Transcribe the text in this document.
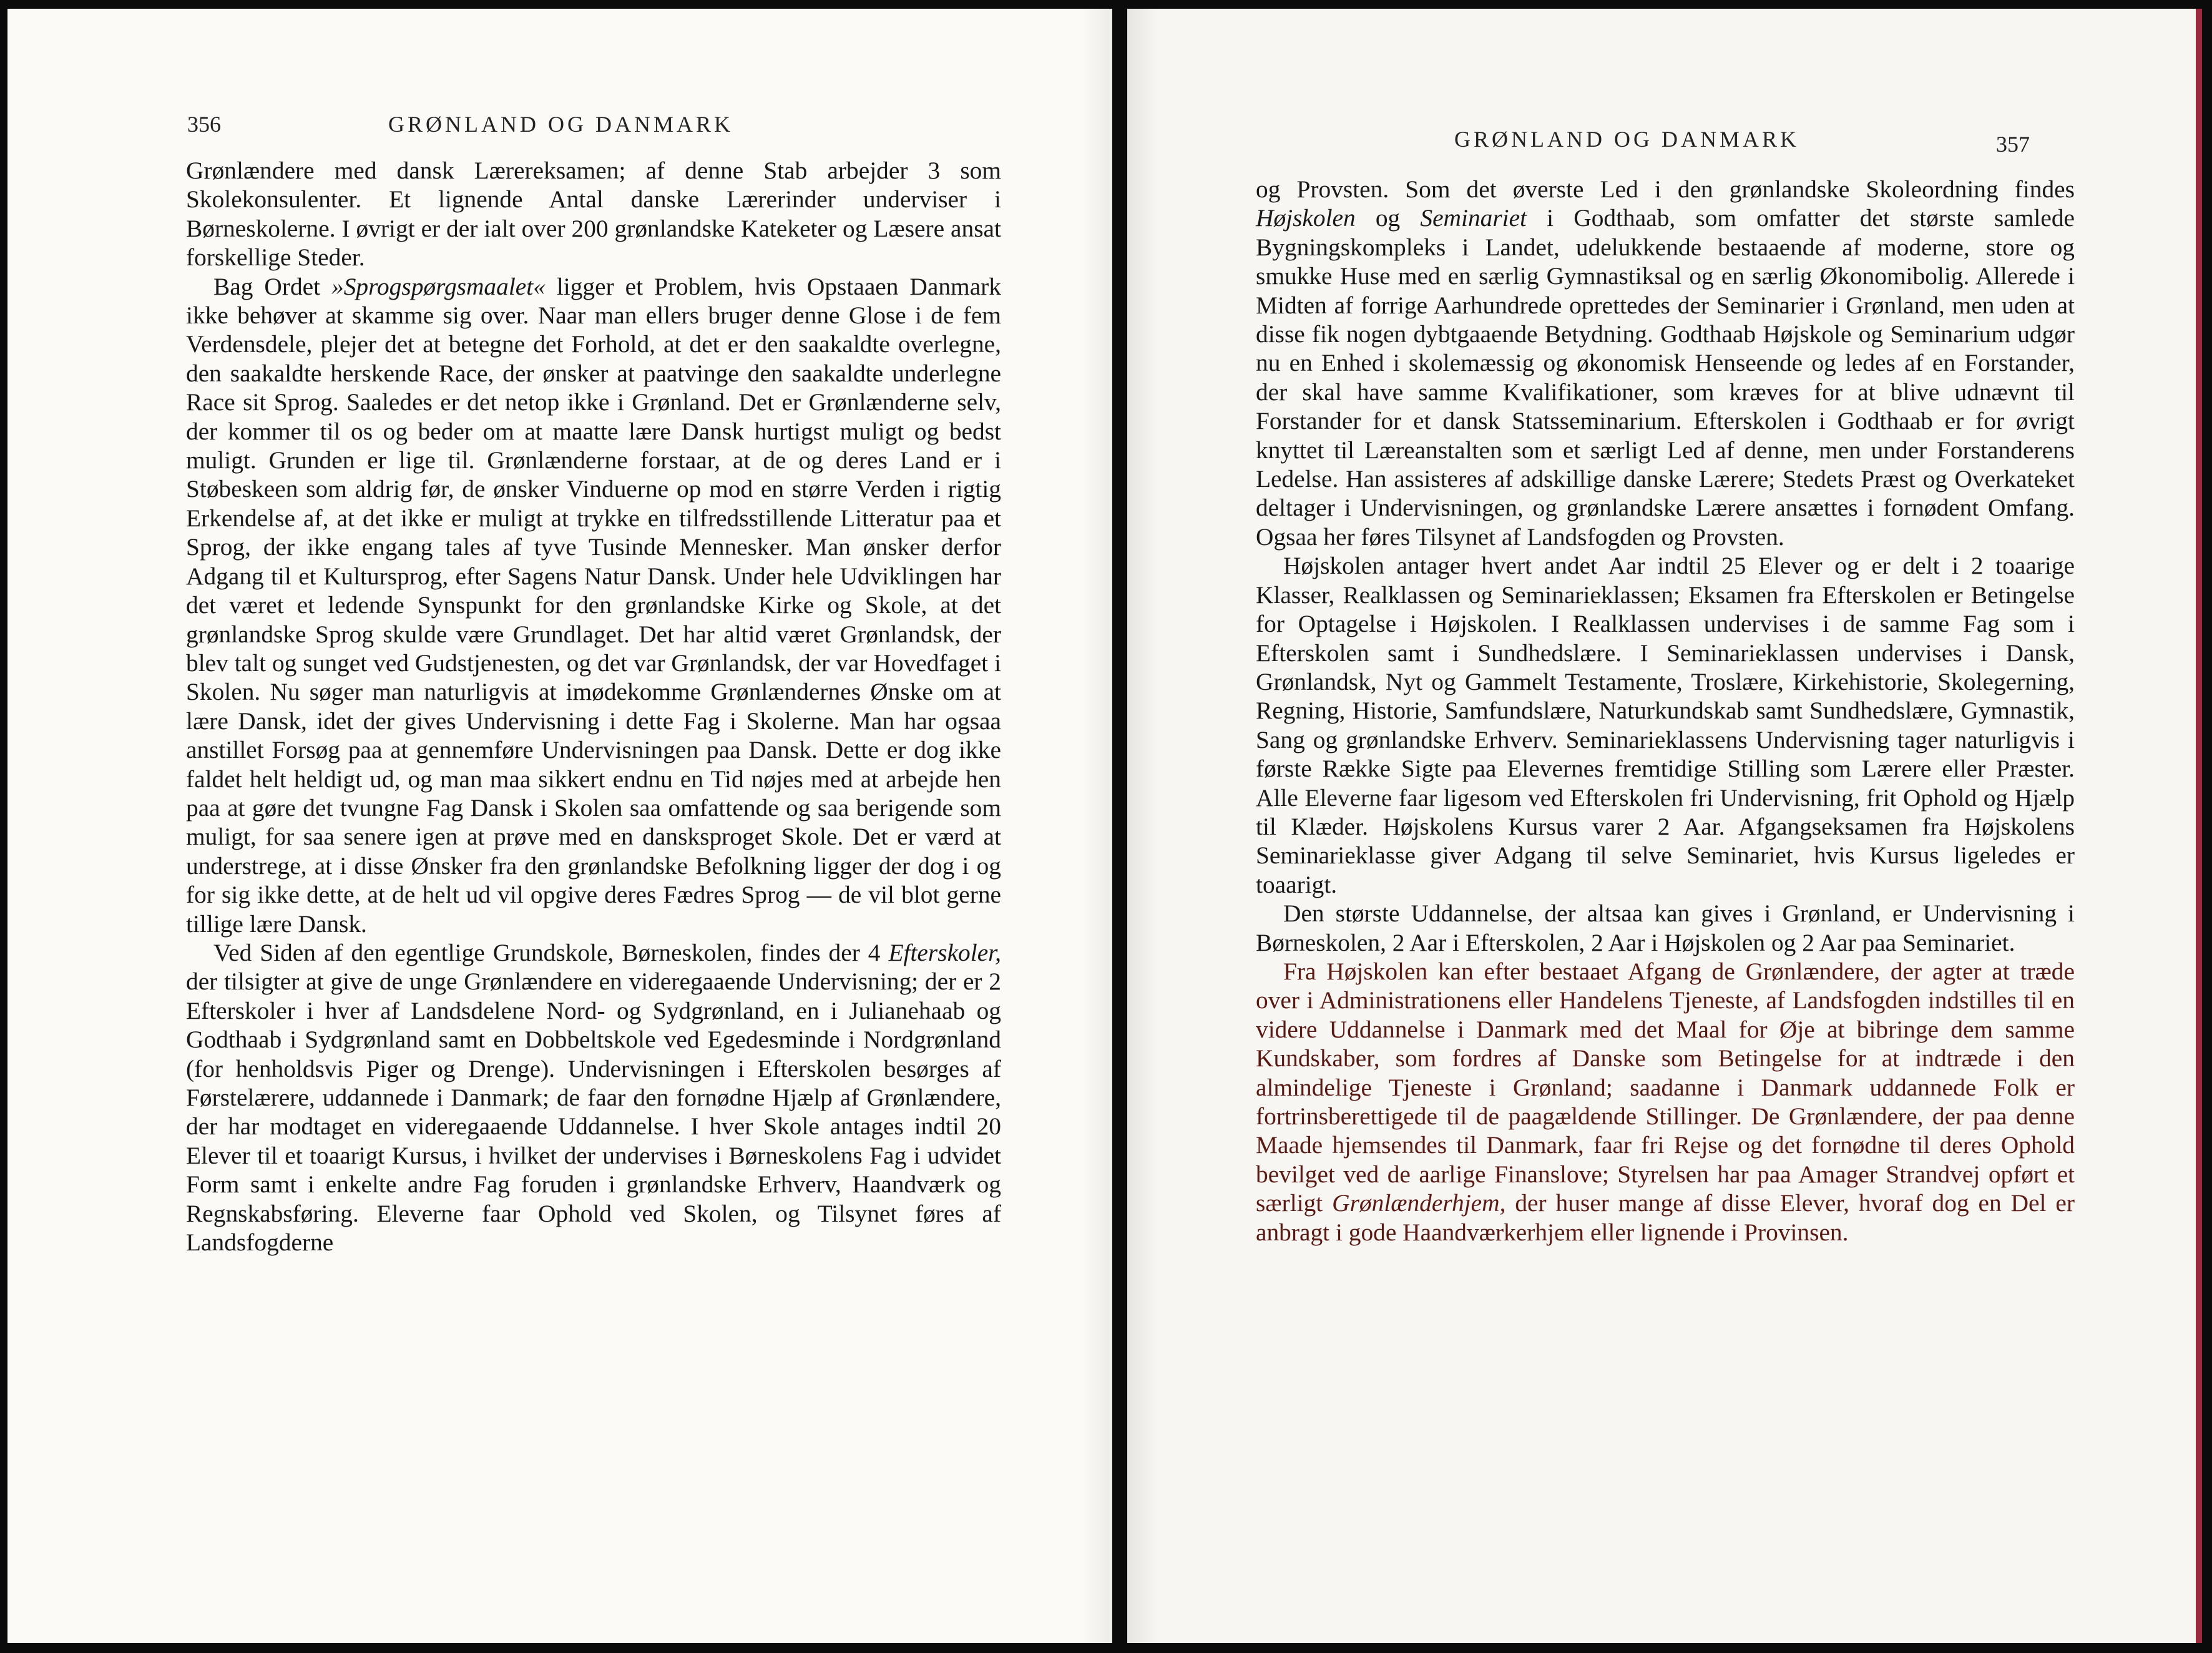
356	GRØNLAND OG DANMARK

Grønlændere med dansk Lærereksamen; af denne Stab arbejder 3 som Skolekonsulenter. Et lignende Antal danske Lærerinder underviser i Børneskolerne. I øvrigt er der ialt over 200 grønlandske Kateketer og Læsere ansat forskellige Steder.

Bag Ordet »Sprogspørgsmaalet« ligger et Problem, hvis Opstaaen Danmark ikke behøver at skamme sig over. Naar man ellers bruger denne Glose i de fem Verdensdele, plejer det at betegne det Forhold, at det er den saakaldte overlegne, den saakaldte herskende Race, der ønsker at paatvinge den saakaldte underlegne Race sit Sprog. Saaledes er det netop ikke i Grønland. Det er Grønlænderne selv, der kommer til os og beder om at maatte lære Dansk hurtigst muligt og bedst muligt. Grunden er lige til. Grønlænderne forstaar, at de og deres Land er i Støbeskeen som aldrig før, de ønsker Vinduerne op mod en større Verden i rigtig Erkendelse af, at det ikke er muligt at trykke en tilfredsstillende Litteratur paa et Sprog, der ikke engang tales af tyve Tusinde Mennesker. Man ønsker derfor Adgang til et Kultursprog, efter Sagens Natur Dansk. Under hele Udviklingen har det været et ledende Synspunkt for den grønlandske Kirke og Skole, at det grønlandske Sprog skulde være Grundlaget. Det har altid været Grønlandsk, der blev talt og sunget ved Gudstjenesten, og det var Grønlandsk, der var Hovedfaget i Skolen. Nu søger man naturligvis at imødekomme Grønlændernes Ønske om at lære Dansk, idet der gives Undervisning i dette Fag i Skolerne. Man har ogsaa anstillet Forsøg paa at gennemføre Undervisningen paa Dansk. Dette er dog ikke faldet helt heldigt ud, og man maa sikkert endnu en Tid nøjes med at arbejde hen paa at gøre det tvungne Fag Dansk i Skolen saa omfattende og saa berigende som muligt, for saa senere igen at prøve med en dansksproget Skole. Det er værd at understrege, at i disse Ønsker fra den grønlandske Befolkning ligger der dog i og for sig ikke dette, at de helt ud vil opgive deres Fædres Sprog — de vil blot gerne tillige lære Dansk.

Ved Siden af den egentlige Grundskole, Børneskolen, findes der 4 Efterskoler, der tilsigter at give de unge Grønlændere en videregaaende Undervisning; der er 2 Efterskoler i hver af Landsdelene Nord- og Sydgrønland, en i Julianehaab og Godthaab i Sydgrønland samt en Dobbeltskole ved Egedesminde i Nordgrønland (for henholdsvis Piger og Drenge). Undervisningen i Efterskolen besørges af Førstelærere, uddannede i Danmark; de faar den fornødne Hjælp af Grønlændere, der har modtaget en videregaaende Uddannelse. I hver Skole antages indtil 20 Elever til et toaarigt Kursus, i hvilket der undervises i Børneskolens Fag i udvidet Form samt i enkelte andre Fag foruden i grønlandske Erhverv, Haandværk og Regnskabsføring. Eleverne faar Ophold ved Skolen, og Tilsynet føres af Landsfogderne

GRØNLAND OG DANMARK	357

og Provsten. Som det øverste Led i den grønlandske Skoleordning findes Højskolen og Seminariet i Godthaab, som omfatter det største samlede Bygningskompleks i Landet, udelukkende bestaaende af moderne, store og smukke Huse med en særlig Gymnastiksal og en særlig Økonomibolig. Allerede i Midten af forrige Aarhundrede oprettedes der Seminarier i Grønland, men uden at disse fik nogen dybtgaaende Betydning. Godthaab Højskole og Seminarium udgør nu en Enhed i skolemæssig og økonomisk Henseende og ledes af en Forstander, der skal have samme Kvalifikationer, som kræves for at blive udnævnt til Forstander for et dansk Statsseminarium. Efterskolen i Godthaab er for øvrigt knyttet til Læreanstalten som et særligt Led af denne, men under Forstanderens Ledelse. Han assisteres af adskillige danske Lærere; Stedets Præst og Overkateket deltager i Undervisningen, og grønlandske Lærere ansættes i fornødent Omfang. Ogsaa her føres Tilsynet af Landsfogden og Provsten.

Højskolen antager hvert andet Aar indtil 25 Elever og er delt i 2 toaarige Klasser, Realklassen og Seminarieklassen; Eksamen fra Efterskolen er Betingelse for Optagelse i Højskolen. I Realklassen undervises i de samme Fag som i Efterskolen samt i Sundhedslære. I Seminarieklassen undervises i Dansk, Grønlandsk, Nyt og Gammelt Testamente, Troslære, Kirkehistorie, Skolegerning, Regning, Historie, Samfundslære, Naturkundskab samt Sundhedslære, Gymnastik, Sang og grønlandske Erhverv. Seminarieklassens Undervisning tager naturligvis i første Række Sigte paa Elevernes fremtidige Stilling som Lærere eller Præster. Alle Eleverne faar ligesom ved Efterskolen fri Undervisning, frit Ophold og Hjælp til Klæder. Højskolens Kursus varer 2 Aar. Afgangseksamen fra Højskolens Seminarieklasse giver Adgang til selve Seminariet, hvis Kursus ligeledes er toaarigt.

Den største Uddannelse, der altsaa kan gives i Grønland, er Undervisning i Børneskolen, 2 Aar i Efterskolen, 2 Aar i Højskolen og 2 Aar paa Seminariet.

Fra Højskolen kan efter bestaaet Afgang de Grønlændere, der agter at træde over i Administrationens eller Handelens Tjeneste, af Landsfogden indstilles til en videre Uddannelse i Danmark med det Maal for Øje at bibringe dem samme Kundskaber, som fordres af Danske som Betingelse for at indtræde i den almindelige Tjeneste i Grønland; saadanne i Danmark uddannede Folk er fortrinsberettigede til de paagældende Stillinger. De Grønlændere, der paa denne Maade hjemsendes til Danmark, faar fri Rejse og det fornødne til deres Ophold bevilget ved de aarlige Finanslove; Styrelsen har paa Amager Strandvej opført et særligt Grønlænderhjem, der huser mange af disse Elever, hvoraf dog en Del er anbragt i gode Haandværkerhjem eller lignende i Provinsen.
